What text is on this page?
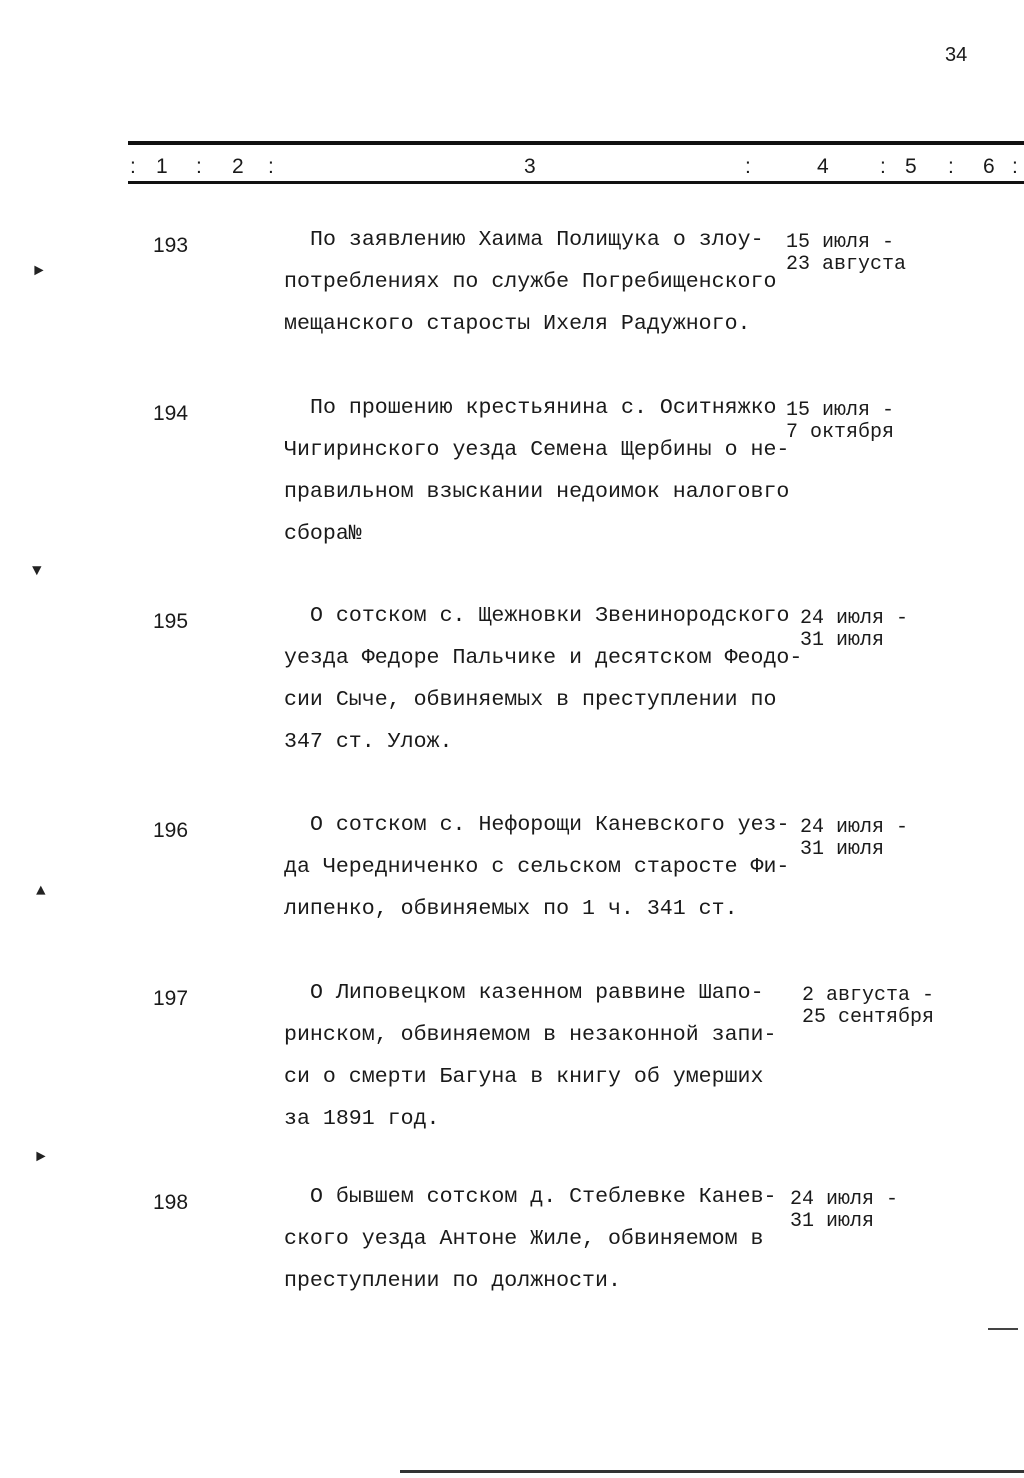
34
: 1 : 2 :	3	:	4 : 5 : 6 :
193	По заявлению Хаима Полищука о злоу-
потреблениях по службе Погребищенского
мещанского старосты Ихеля Радужного.
15 июля -
23 августа
194	По прошению крестьянина с. Оситняжко
Чигиринского уезда Семена Щербины о не-
правильном взыскании недоимок налоговго
сбора№
15 июля -
7 октября
195	О сотском с. Щежновки Звенинородского
уезда Федоре Пальчике и десятском Феодо-
сии Сыче, обвиняемых в преступлении по
347 ст. Улож.
24 июля -
31 июля
196	О сотском с. Нефорощи Каневского уез-
да Чередниченко с сельском старосте Фи-
липенко, обвиняемых по 1 ч. 341 ст.
24 июля -
31 июля
197	О Липовецком казенном раввине Шапо-
ринском, обвиняемом в незаконной запи-
си о смерти Багуна в книгу об умерших
за 1891 год.
2 августа -
25 сентября
198	О бывшем сотском д. Стеблевке Канев-
ского уезда Антоне Жиле, обвиняемом в
преступлении по должности.
24 июля -
31 июля
►
▼
▲
►
